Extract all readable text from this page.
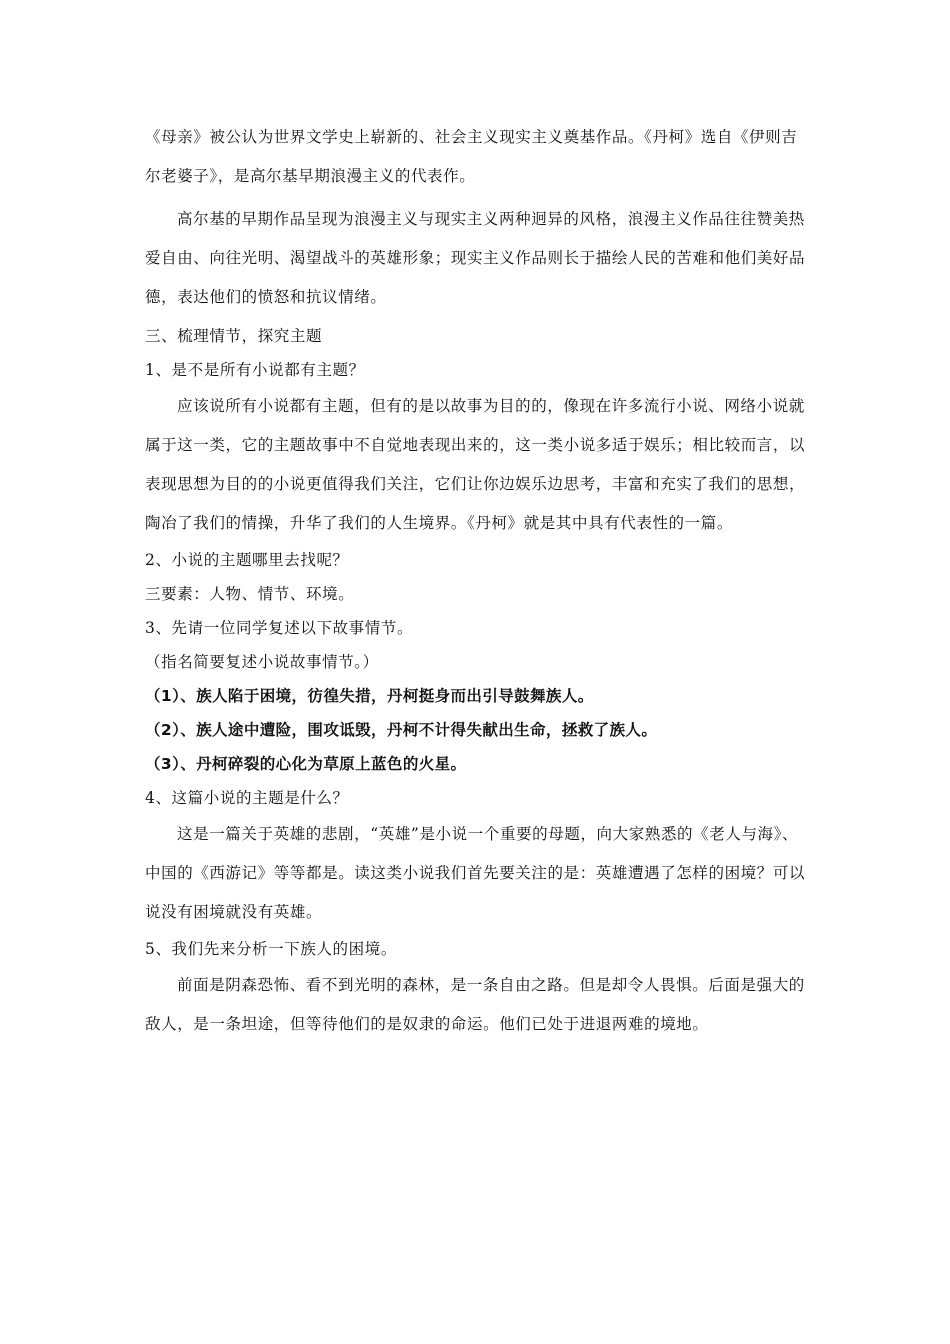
《母亲》被公认为世界文学史上崭新的、社会主义现实主义奠基作品。《丹柯》选自《伊则吉尔老婆子》，是高尔基早期浪漫主义的代表作。

高尔基的早期作品呈现为浪漫主义与现实主义两种迥异的风格，浪漫主义作品往往赞美热爱自由、向往光明、渴望战斗的英雄形象；现实主义作品则长于描绘人民的苦难和他们美好品德，表达他们的愤怒和抗议情绪。

三、梳理情节，探究主题

1、是不是所有小说都有主题？

应该说所有小说都有主题，但有的是以故事为目的的，像现在许多流行小说、网络小说就属于这一类，它的主题故事中不自觉地表现出来的，这一类小说多适于娱乐；相比较而言，以表现思想为目的的小说更值得我们关注，它们让你边娱乐边思考，丰富和充实了我们的思想，陶冶了我们的情操，升华了我们的人生境界。《丹柯》就是其中具有代表性的一篇。

2、小说的主题哪里去找呢？

三要素：人物、情节、环境。

3、先请一位同学复述以下故事情节。

（指名简要复述小说故事情节。）

（1）、族人陷于困境，彷徨失措，丹柯挺身而出引导鼓舞族人。

（2）、族人途中遭险，围攻诋毁，丹柯不计得失献出生命，拯救了族人。

（3）、丹柯碎裂的心化为草原上蓝色的火星。

4、这篇小说的主题是什么？

这是一篇关于英雄的悲剧，“英雄”是小说一个重要的母题，向大家熟悉的《老人与海》、中国的《西游记》等等都是。读这类小说我们首先要关注的是：英雄遭遇了怎样的困境？可以说没有困境就没有英雄。

5、我们先来分析一下族人的困境。

前面是阴森恐怖、看不到光明的森林，是一条自由之路。但是却令人畏惧。后面是强大的敌人，是一条坦途，但等待他们的是奴隶的命运。他们已处于进退两难的境地。
